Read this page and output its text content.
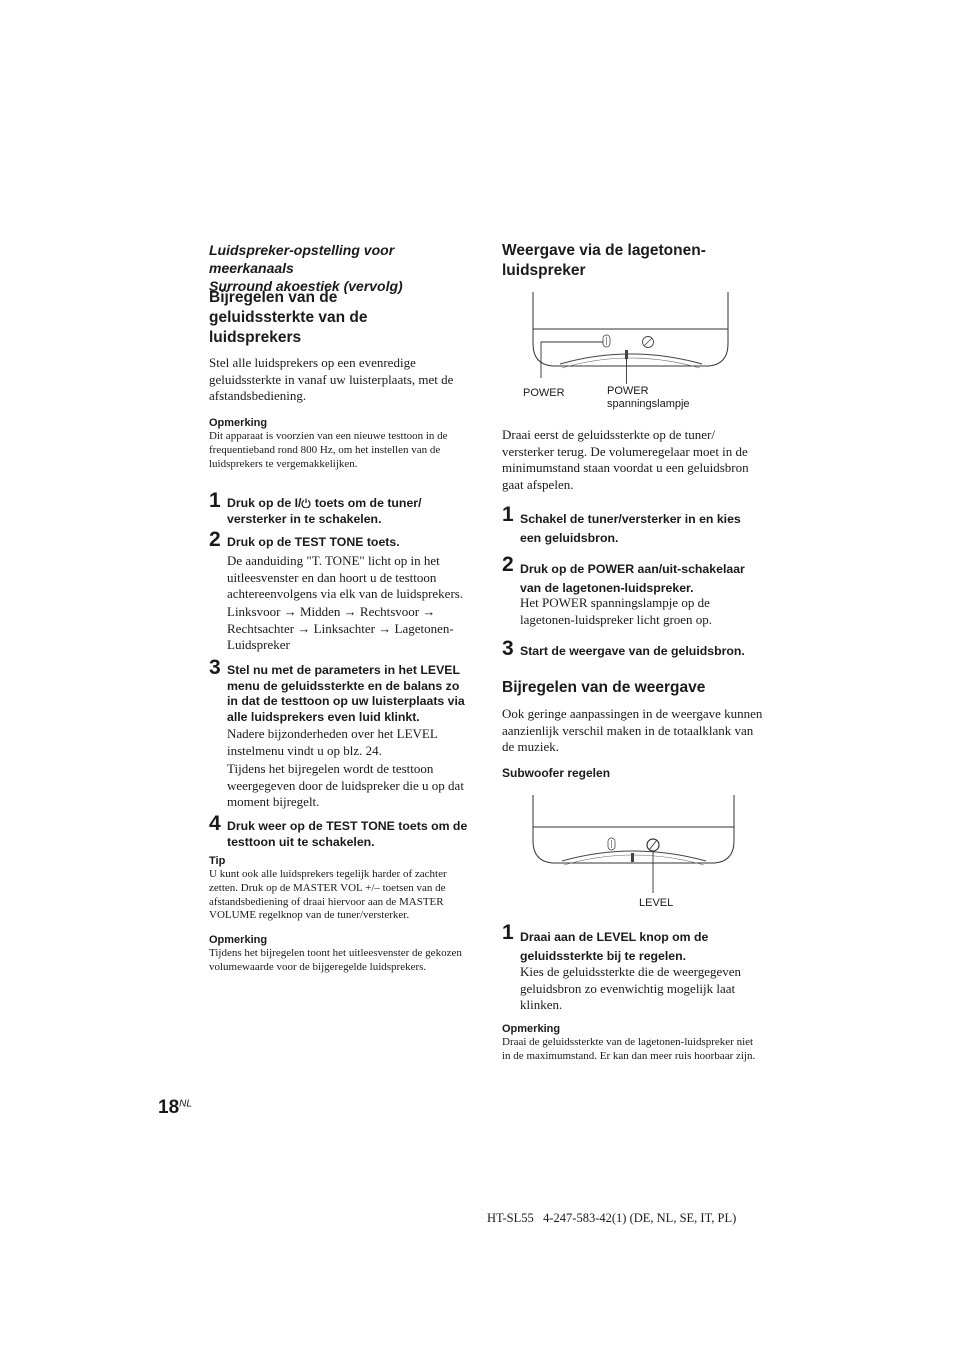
Luidspreker-opstelling voor meerkanaals
Surround akoestiek (vervolg)
Bijregelen van de
geluidssterkte van de
luidsprekers
Stel alle luidsprekers op een evenredige geluidssterkte in vanaf uw luisterplaats, met de afstandsbediening.
Opmerking
Dit apparaat is voorzien van een nieuwe testtoon in de frequentieband rond 800 Hz, om het instellen van de luidsprekers te vergemakkelijken.
1 Druk op de I/ toets om de tuner/
versterker in te schakelen.
2 Druk op de TEST TONE toets.
De aanduiding "T. TONE" licht op in het uitleesvenster en dan hoort u de testtoon achtereenvolgens via elk van de luidsprekers.
Linksvoor → Midden → Rechtsvoor →
Rechtsachter → Linksachter → Lagetonen-
Luidspreker
3 Stel nu met de parameters in het LEVEL menu de geluidssterkte en de balans zo in dat de testtoon op uw luisterplaats via alle luidsprekers even luid klinkt.
Nadere bijzonderheden over het LEVEL instelmenu vindt u op blz. 24.
Tijdens het bijregelen wordt de testtoon weergegeven door de luidspreker die u op dat moment bijregelt.
4 Druk weer op de TEST TONE toets om de testtoon uit te schakelen.
Tip
U kunt ook alle luidsprekers tegelijk harder of zachter zetten. Druk op de MASTER VOL +/– toetsen van de afstandsbediening of draai hiervoor aan de MASTER VOLUME regelknop van de tuner/versterker.
Opmerking
Tijdens het bijregelen toont het uitleesvenster de gekozen volumewaarde voor de bijgeregelde luidsprekers.
Weergave via de lagetonen-
luidspreker
POWER	POWER
spanningslampje
Draai eerst de geluidssterkte op de tuner/ versterker terug. De volumeregelaar moet in de minimumstand staan voordat u een geluidsbron gaat afspelen.
1 Schakel de tuner/versterker in en kies een geluidsbron.
2 Druk op de POWER aan/uit-schakelaar van de lagetonen-luidspreker.
Het POWER spanningslampje op de lagetonen-luidspreker licht groen op.
3 Start de weergave van de geluidsbron.
Bijregelen van de weergave
Ook geringe aanpassingen in de weergave kunnen aanzienlijk verschil maken in de totaalklank van de muziek.
Subwoofer regelen
LEVEL
1 Draai aan de LEVEL knop om de geluidssterkte bij te regelen.
Kies de geluidssterkte die de weergegeven geluidsbron zo evenwichtig mogelijk laat klinken.
Opmerking
Draai de geluidssterkte van de lagetonen-luidspreker niet in de maximumstand. Er kan dan meer ruis hoorbaar zijn.
$18^{NL}$
HT-SL55   4-247-583-42(1) (DE, NL, SE, IT, PL)
